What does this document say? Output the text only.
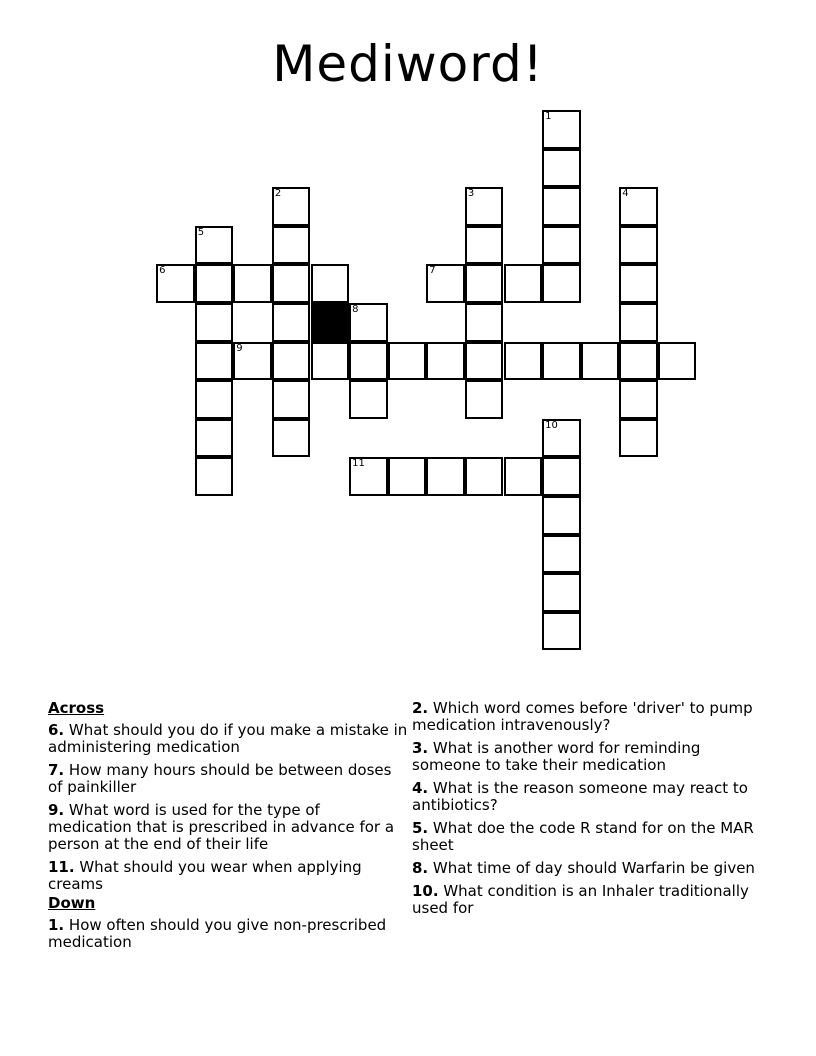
Mediword!
1
2	3	4
5
6	7
8
9
10
11
Across
6. What should you do if you make a mistake in administering medication
7. How many hours should be between doses of painkiller
9. What word is used for the type of medication that is prescribed in advance for a person at the end of their life
11. What should you wear when applying creams
Down
1. How often should you give non-prescribed medication
2. Which word comes before 'driver' to pump medication intravenously?
3. What is another word for reminding someone to take their medication
4. What is the reason someone may react to antibiotics?
5. What doe the code R stand for on the MAR sheet
8. What time of day should Warfarin be given
10. What condition is an Inhaler traditionally used for
